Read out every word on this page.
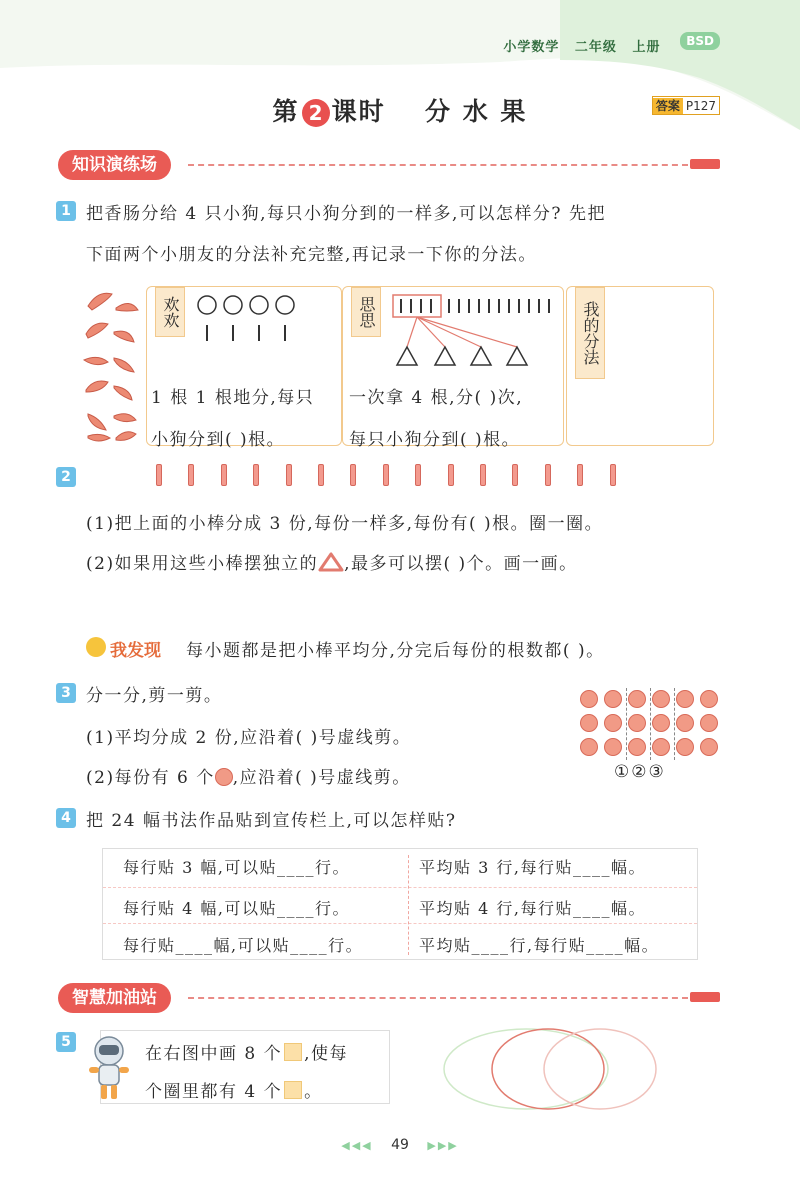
小学数学 二年级 上册	BSD
第 2 课时 分 水 果	答案 P127
知识演练场
1 把香肠分给 4 只小狗,每只小狗分到的一样多,可以怎样分? 先把
下面两个小朋友的分法补充完整,再记录一下你的分法。
欢欢
1 根 1 根地分,每只
小狗分到( )根。
思思
一次拿 4 根,分( )次,
每只小狗分到( )根。
我的分法
2
(1)把上面的小棒分成 3 份,每份一样多,每份有( )根。圈一圈。
(2)如果用这些小棒摆独立的 ,最多可以摆( )个。画一画。
我发现 每小题都是把小棒平均分,分完后每份的根数都( )。
3 分一分,剪一剪。
(1)平均分成 2 份,应沿着( )号虚线剪。
(2)每份有 6 个 ,应沿着( )号虚线剪。	①②③
4 把 24 幅书法作品贴到宣传栏上,可以怎样贴?
每行贴 3 幅,可以贴____行。	平均贴 3 行,每行贴____幅。
每行贴 4 幅,可以贴____行。	平均贴 4 行,每行贴____幅。
每行贴____幅,可以贴____行。	平均贴____行,每行贴____幅。
智慧加油站
5
在右图中画 8 个 ,使每
个圈里都有 4 个 。
◀◀◀ 49 ▶▶▶
